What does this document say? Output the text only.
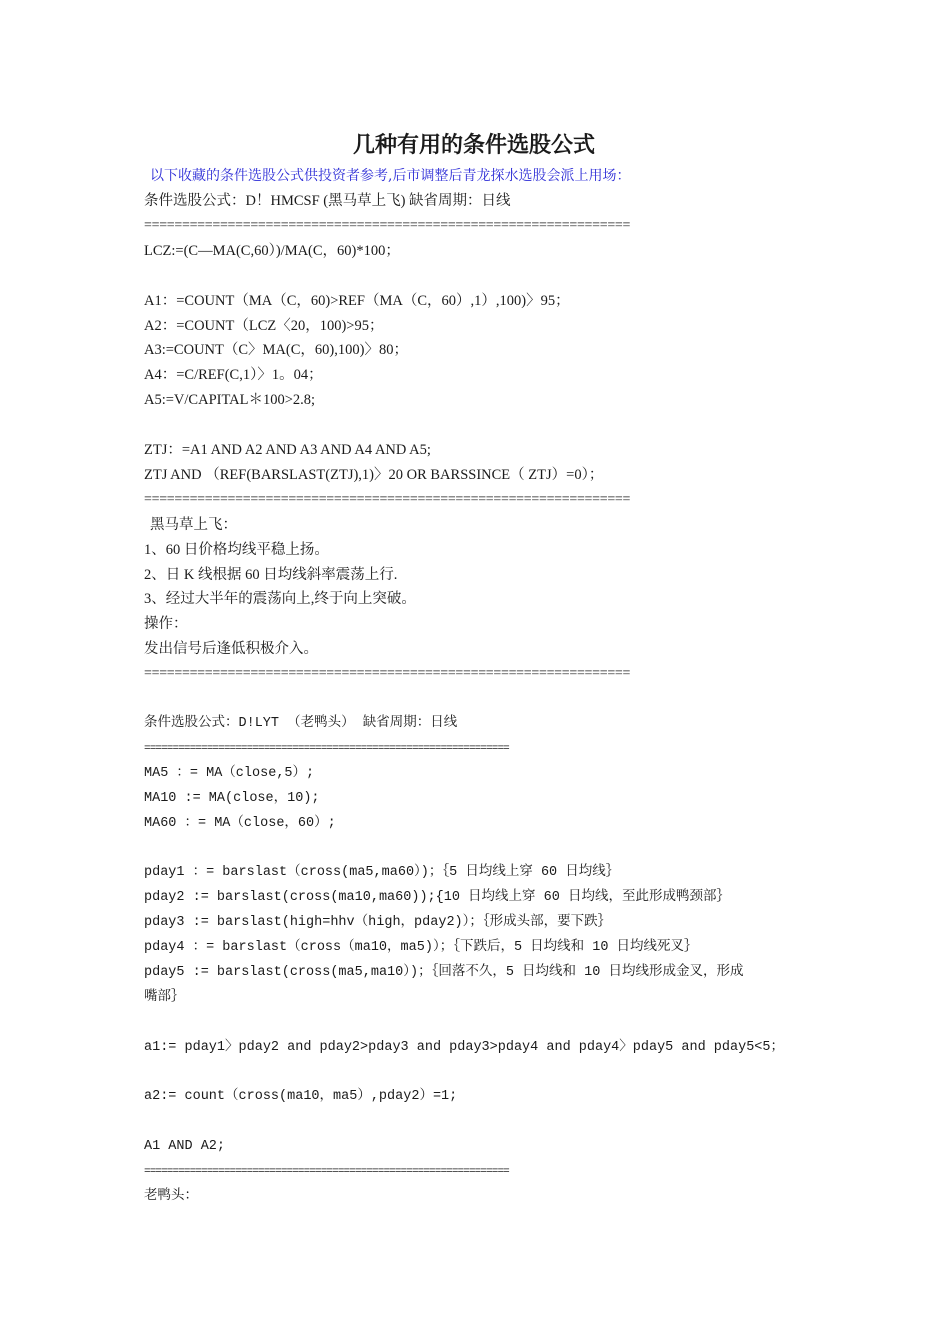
几种有用的条件选股公式
以下收藏的条件选股公式供投资者参考,后市调整后青龙探水选股会派上用场：
条件选股公式：D！HMCSF (黑马草上飞) 缺省周期：日线
================================================================
LCZ:=(C—MA(C,60）)/MA(C，60)*100；
A1：=COUNT（MA（C，60)>REF（MA（C，60）,1）,100)〉95；
A2：=COUNT（LCZ〈20，100)>95；
A3:=COUNT（C〉MA(C，60),100)〉80；
A4：=C/REF(C,1）〉1。04；
A5:=V/CAPITAL＊100>2.8;
ZTJ：=A1 AND A2 AND A3 AND A4 AND A5;
ZTJ AND （REF(BARSLAST(ZTJ),1)〉20 OR BARSSINCE（ ZTJ）=0）；
================================================================
黑马草上飞：
1、60 日价格均线平稳上扬。
2、日 K 线根据 60 日均线斜率震荡上行.
3、经过大半年的震荡向上,终于向上突破。
操作：
发出信号后逢低积极介入。
================================================================
条件选股公式：D!LYT （老鸭头） 缺省周期：日线
================================================================
MA5 ：= MA（close,5）;
MA10 := MA(close，10);
MA60 ：= MA（close，60）;
pday1 ：= barslast（cross(ma5,ma60）)；｛5 日均线上穿 60 日均线｝
pday2 := barslast(cross(ma10,ma60));{10 日均线上穿 60 日均线，至此形成鸭颈部｝
pday3 := barslast(high=hhv（high，pday2)）；｛形成头部，要下跌｝
pday4 ：= barslast（cross（ma10，ma5)）；｛下跌后，5 日均线和 10 日均线死叉｝
pday5 := barslast(cross(ma5,ma10）)；｛回落不久，5 日均线和 10 日均线形成金叉，形成
嘴部｝
a1:= pday1〉pday2 and pday2>pday3 and pday3>pday4 and pday4〉pday5 and pday5<5；
a2:= count（cross(ma10，ma5）,pday2）=1;
A1 AND A2;
================================================================
老鸭头：
